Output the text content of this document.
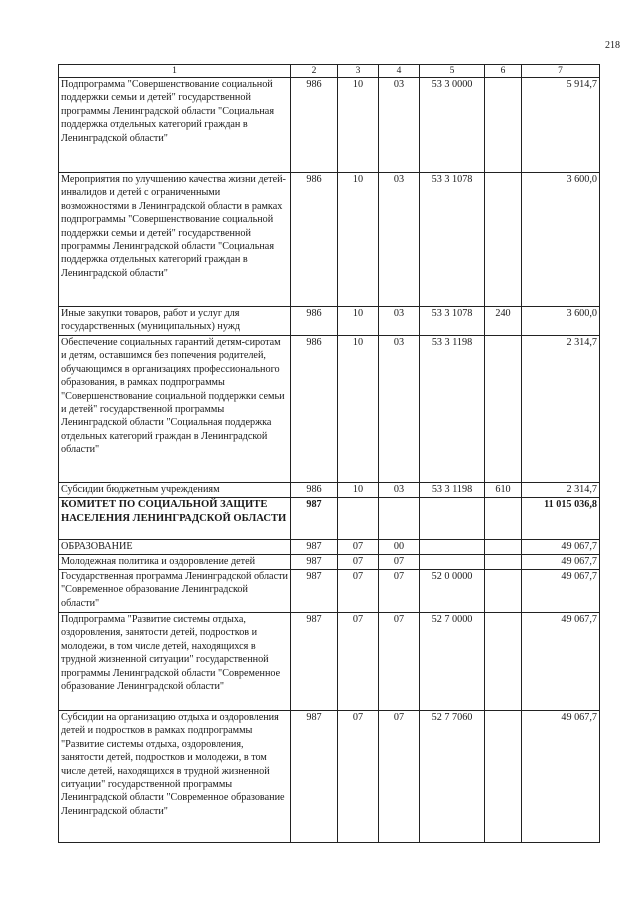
218
1	2	3	4	5	6	7
Подпрограмма "Совершенствование социальной поддержки семьи и детей" государственной программы Ленинградской области "Социальная поддержка отдельных категорий граждан в Ленинградской области"	986	10	03	53 3 0000		5 914,7
Мероприятия по улучшению качества жизни детей-инвалидов и детей с ограниченными возможностями в Ленинградской области в рамках подпрограммы "Совершенствование социальной поддержки семьи и детей" государственной программы Ленинградской области "Социальная поддержка отдельных категорий граждан в Ленинградской области"	986	10	03	53 3 1078		3 600,0
Иные закупки товаров, работ и услуг для государственных (муниципальных) нужд	986	10	03	53 3 1078	240	3 600,0
Обеспечение социальных гарантий детям-сиротам и детям, оставшимся без попечения родителей, обучающимся в организациях профессионального образования, в рамках подпрограммы "Совершенствование социальной поддержки семьи и детей" государственной программы Ленинградской области "Социальная поддержка отдельных категорий граждан в Ленинградской области"	986	10	03	53 3 1198		2 314,7
Субсидии бюджетным учреждениям	986	10	03	53 3 1198	610	2 314,7
КОМИТЕТ ПО СОЦИАЛЬНОЙ ЗАЩИТЕ НАСЕЛЕНИЯ ЛЕНИНГРАДСКОЙ ОБЛАСТИ	987					11 015 036,8
ОБРАЗОВАНИЕ	987	07	00			49 067,7
Молодежная политика и оздоровление детей	987	07	07			49 067,7
Государственная программа Ленинградской области "Современное образование Ленинградской области"	987	07	07	52 0 0000		49 067,7
Подпрограмма "Развитие системы отдыха, оздоровления, занятости детей, подростков и молодежи, в том числе детей, находящихся в трудной жизненной ситуации" государственной программы Ленинградской области "Современное образование Ленинградской области"	987	07	07	52 7 0000		49 067,7
Субсидии на организацию отдыха и оздоровления детей и подростков в рамках подпрограммы "Развитие системы отдыха, оздоровления, занятости детей, подростков и молодежи, в том числе детей, находящихся в трудной жизненной ситуации" государственной программы Ленинградской области "Современное образование Ленинградской области"	987	07	07	52 7 7060		49 067,7
